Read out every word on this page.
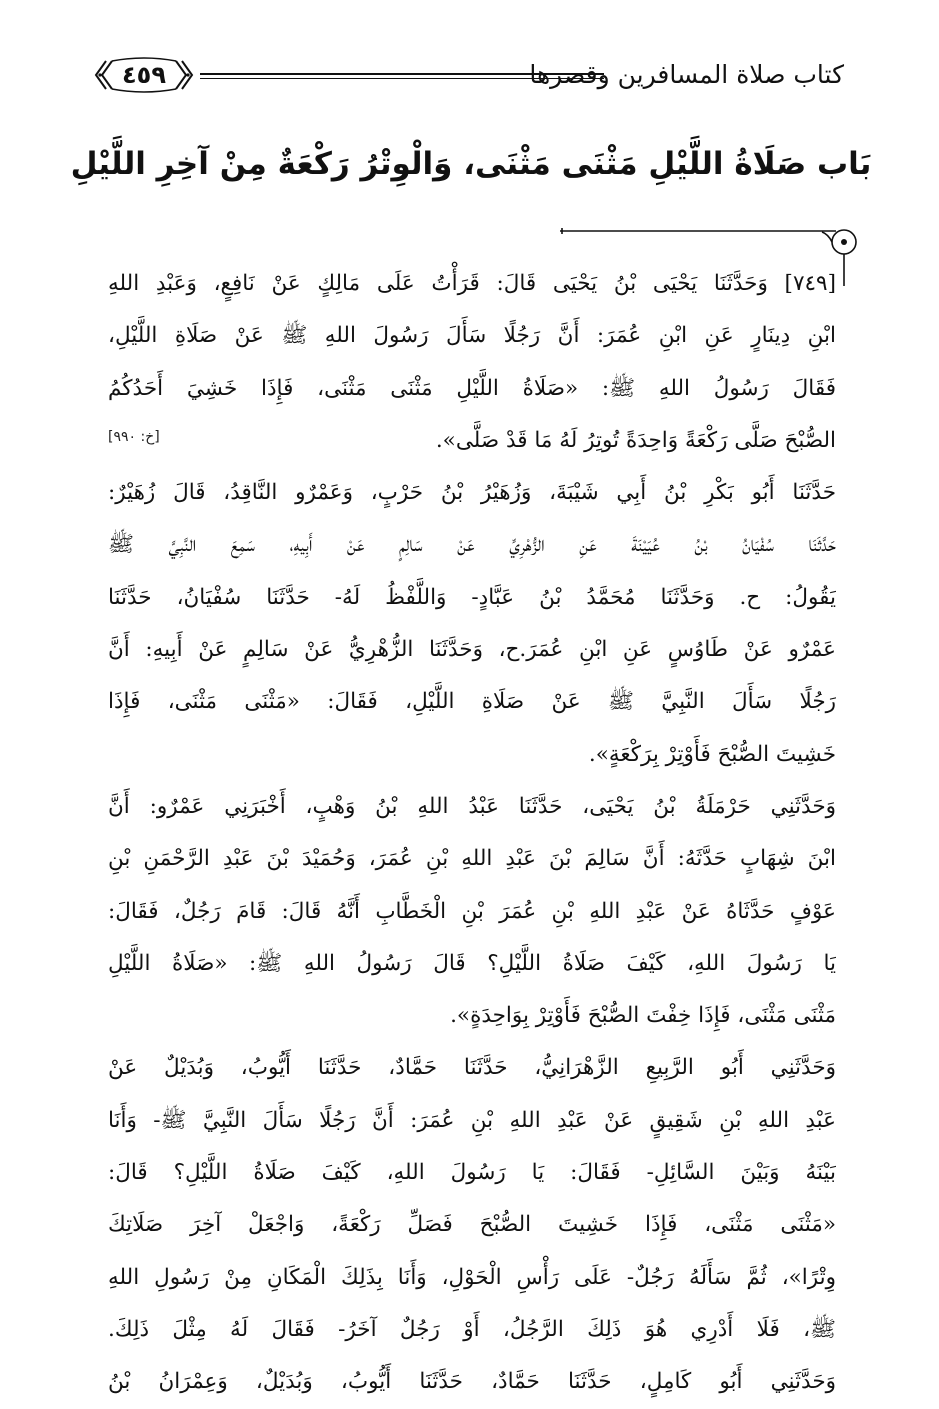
٤٥٩	كتاب صلاة المسافرين وقصرها
بَاب صَلَاةُ اللَّيْلِ مَثْنَى مَثْنَى، وَالْوِتْرُ رَكْعَةٌ مِنْ آخِرِ اللَّيْلِ
[٧٤٩] وَحَدَّثَنَا يَحْيَى بْنُ يَحْيَى قَالَ: قَرَأْتُ عَلَى مَالِكٍ عَنْ نَافِعٍ، وَعَبْدِ اللهِ
ابْنِ دِينَارٍ عَنِ ابْنِ عُمَرَ: أَنَّ رَجُلًا سَأَلَ رَسُولَ اللهِ ﷺ عَنْ صَلَاةِ اللَّيْلِ،
فَقَالَ رَسُولُ اللهِ ﷺ: «صَلَاةُ اللَّيْلِ مَثْنَى مَثْنَى، فَإِذَا خَشِيَ أَحَدُكُمُ
الصُّبْحَ صَلَّى رَكْعَةً وَاحِدَةً تُوتِرُ لَهُ مَا قَدْ صَلَّى».
[خ: ٩٩٠]
حَدَّثَنَا أَبُو بَكْرِ بْنُ أَبِي شَيْبَةَ، وَزُهَيْرُ بْنُ حَرْبٍ، وَعَمْرٌو النَّاقِدُ، قَالَ زُهَيْرٌ:
حَدَّثَنَا سُفْيَانُ بْنُ عُيَيْنَةَ عَنِ الزُّهْرِيِّ عَنْ سَالِمٍ عَنْ أَبِيهِ، سَمِعَ النَّبِيَّ ﷺ
يَقُولُ: ح. وَحَدَّثَنَا مُحَمَّدُ بْنُ عَبَّادٍ- وَاللَّفْظُ لَهُ- حَدَّثَنَا سُفْيَانُ، حَدَّثَنَا
عَمْرٌو عَنْ طَاوُسٍ عَنِ ابْنِ عُمَرَ.ح، وَحَدَّثَنَا الزُّهْرِيُّ عَنْ سَالِمٍ عَنْ أَبِيهِ: أَنَّ
رَجُلًا سَأَلَ النَّبِيَّ ﷺ عَنْ صَلَاةِ اللَّيْلِ، فَقَالَ: «مَثْنَى مَثْنَى، فَإِذَا
خَشِيتَ الصُّبْحَ فَأَوْتِرْ بِرَكْعَةٍ».
وَحَدَّثَنِي حَرْمَلَةُ بْنُ يَحْيَى، حَدَّثَنَا عَبْدُ اللهِ بْنُ وَهْبٍ، أَخْبَرَنِي عَمْرٌو: أَنَّ
ابْنَ شِهَابٍ حَدَّثَهُ: أَنَّ سَالِمَ بْنَ عَبْدِ اللهِ بْنِ عُمَرَ، وَحُمَيْدَ بْنَ عَبْدِ الرَّحْمَنِ بْنِ
عَوْفٍ حَدَّثَاهُ عَنْ عَبْدِ اللهِ بْنِ عُمَرَ بْنِ الْخَطَّابِ أَنَّهُ قَالَ: قَامَ رَجُلٌ، فَقَالَ:
يَا رَسُولَ اللهِ، كَيْفَ صَلَاةُ اللَّيْلِ؟ قَالَ رَسُولُ اللهِ ﷺ: «صَلَاةُ اللَّيْلِ
مَثْنَى مَثْنَى، فَإِذَا خِفْتَ الصُّبْحَ فَأَوْتِرْ بِوَاحِدَةٍ».
وَحَدَّثَنِي أَبُو الرَّبِيعِ الزَّهْرَانِيُّ، حَدَّثَنَا حَمَّادٌ، حَدَّثَنَا أَيُّوبُ، وَبُدَيْلٌ عَنْ
عَبْدِ اللهِ بْنِ شَقِيقٍ عَنْ عَبْدِ اللهِ بْنِ عُمَرَ: أَنَّ رَجُلًا سَأَلَ النَّبِيَّ ﷺ- وَأَنَا
بَيْنَهُ وَبَيْنَ السَّائِلِ- فَقَالَ: يَا رَسُولَ اللهِ، كَيْفَ صَلَاةُ اللَّيْلِ؟ قَالَ:
«مَثْنَى مَثْنَى، فَإِذَا خَشِيتَ الصُّبْحَ فَصَلِّ رَكْعَةً، وَاجْعَلْ آخِرَ صَلَاتِكَ
وِتْرًا»، ثُمَّ سَأَلَهُ رَجُلٌ- عَلَى رَأْسِ الْحَوْلِ، وَأَنَا بِذَلِكَ الْمَكَانِ مِنْ رَسُولِ اللهِ
ﷺ، فَلَا أَدْرِي هُوَ ذَلِكَ الرَّجُلُ، أَوْ رَجُلٌ آخَرُ- فَقَالَ لَهُ مِثْلَ ذَلِكَ.
وَحَدَّثَنِي أَبُو كَامِلٍ، حَدَّثَنَا حَمَّادٌ، حَدَّثَنَا أَيُّوبُ، وَبُدَيْلٌ، وَعِمْرَانُ بْنُ
